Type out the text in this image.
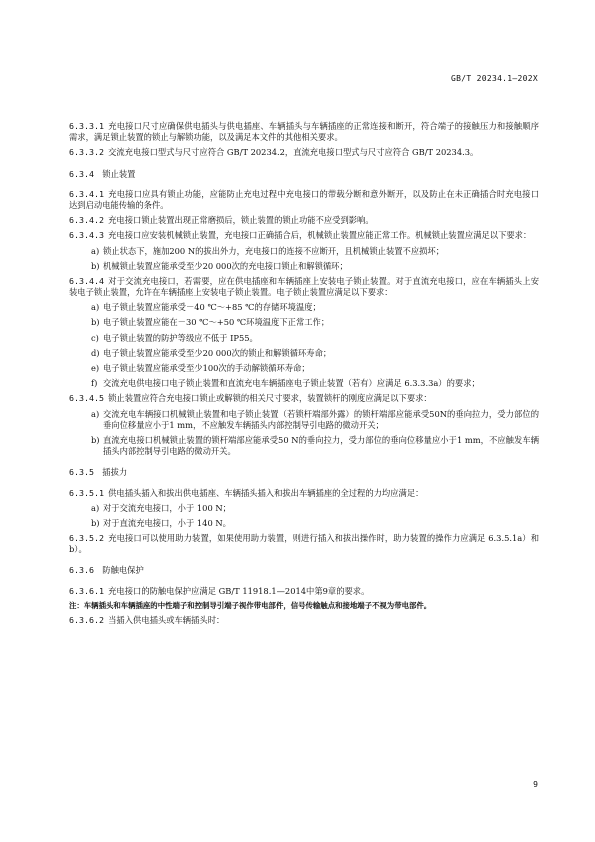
GB/T 20234.1—202X
6.3.3.1  充电接口尺寸应确保供电插头与供电插座、车辆插头与车辆插座的正常连接和断开，符合端子的接触压力和接触顺序需求，满足锁止装置的锁止与解锁功能，以及满足本文件的其他相关要求。
6.3.3.2  交流充电接口型式与尺寸应符合 GB/T 20234.2，直流充电接口型式与尺寸应符合 GB/T 20234.3。
6.3.4  锁止装置
6.3.4.1  充电接口应具有锁止功能，应能防止充电过程中充电接口的带载分断和意外断开，以及防止在未正确插合时充电接口达到启动电能传输的条件。
6.3.4.2  充电接口锁止装置出现正常磨损后，锁止装置的锁止功能不应受到影响。
6.3.4.3  充电接口应安装机械锁止装置，充电接口正确插合后，机械锁止装置应能正常工作。机械锁止装置应满足以下要求：
a) 锁止状态下，施加200 N的拔出外力，充电接口的连接不应断开，且机械锁止装置不应损坏；
b) 机械锁止装置应能承受至少20 000次的充电接口锁止和解锁循环；
6.3.4.4  对于交流充电接口，若需要，应在供电插座和车辆插座上安装电子锁止装置。对于直流充电接口，应在车辆插头上安装电子锁止装置，允许在车辆插座上安装电子锁止装置。电子锁止装置应满足以下要求：
a) 电子锁止装置应能承受－40 ℃～+85 ℃的存储环境温度；
b) 电子锁止装置应能在－30 ℃～+50 ℃环境温度下正常工作；
c) 电子锁止装置的防护等级应不低于 IP55。
d) 电子锁止装置应能承受至少20 000次的锁止和解锁循环寿命；
e) 电子锁止装置应能承受至少100次的手动解锁循环寿命；
f) 交流充电供电接口电子锁止装置和直流充电车辆插座电子锁止装置（若有）应满足 6.3.3.3a）的要求；
6.3.4.5  锁止装置应符合充电接口锁止或解锁的相关尺寸要求，装置锁杆的刚度应满足以下要求：
a) 交流充电车辆接口机械锁止装置和电子锁止装置（若锁杆端部外露）的锁杆端部应能承受50N的垂向拉力，受力部位的垂向位移量应小于1 mm，不应触发车辆插头内部控制导引电路的微动开关；
b) 直流充电接口机械锁止装置的锁杆端部应能承受50 N的垂向拉力，受力部位的垂向位移量应小于1 mm，不应触发车辆插头内部控制导引电路的微动开关。
6.3.5  插拔力
6.3.5.1  供电插头插入和拔出供电插座、车辆插头插入和拔出车辆插座的全过程的力均应满足：
a) 对于交流充电接口，小于 100 N；
b) 对于直流充电接口，小于 140 N。
6.3.5.2  充电接口可以使用助力装置，如果使用助力装置，则进行插入和拔出操作时，助力装置的操作力应满足 6.3.5.1a）和 b）。
6.3.6  防触电保护
6.3.6.1  充电接口的防触电保护应满足 GB/T 11918.1—2014中第9章的要求。
注：车辆插头和车辆插座的中性端子和控制导引端子视作带电部件，信号传输触点和接地端子不视为带电部件。
6.3.6.2  当插入供电插头或车辆插头时：
9
